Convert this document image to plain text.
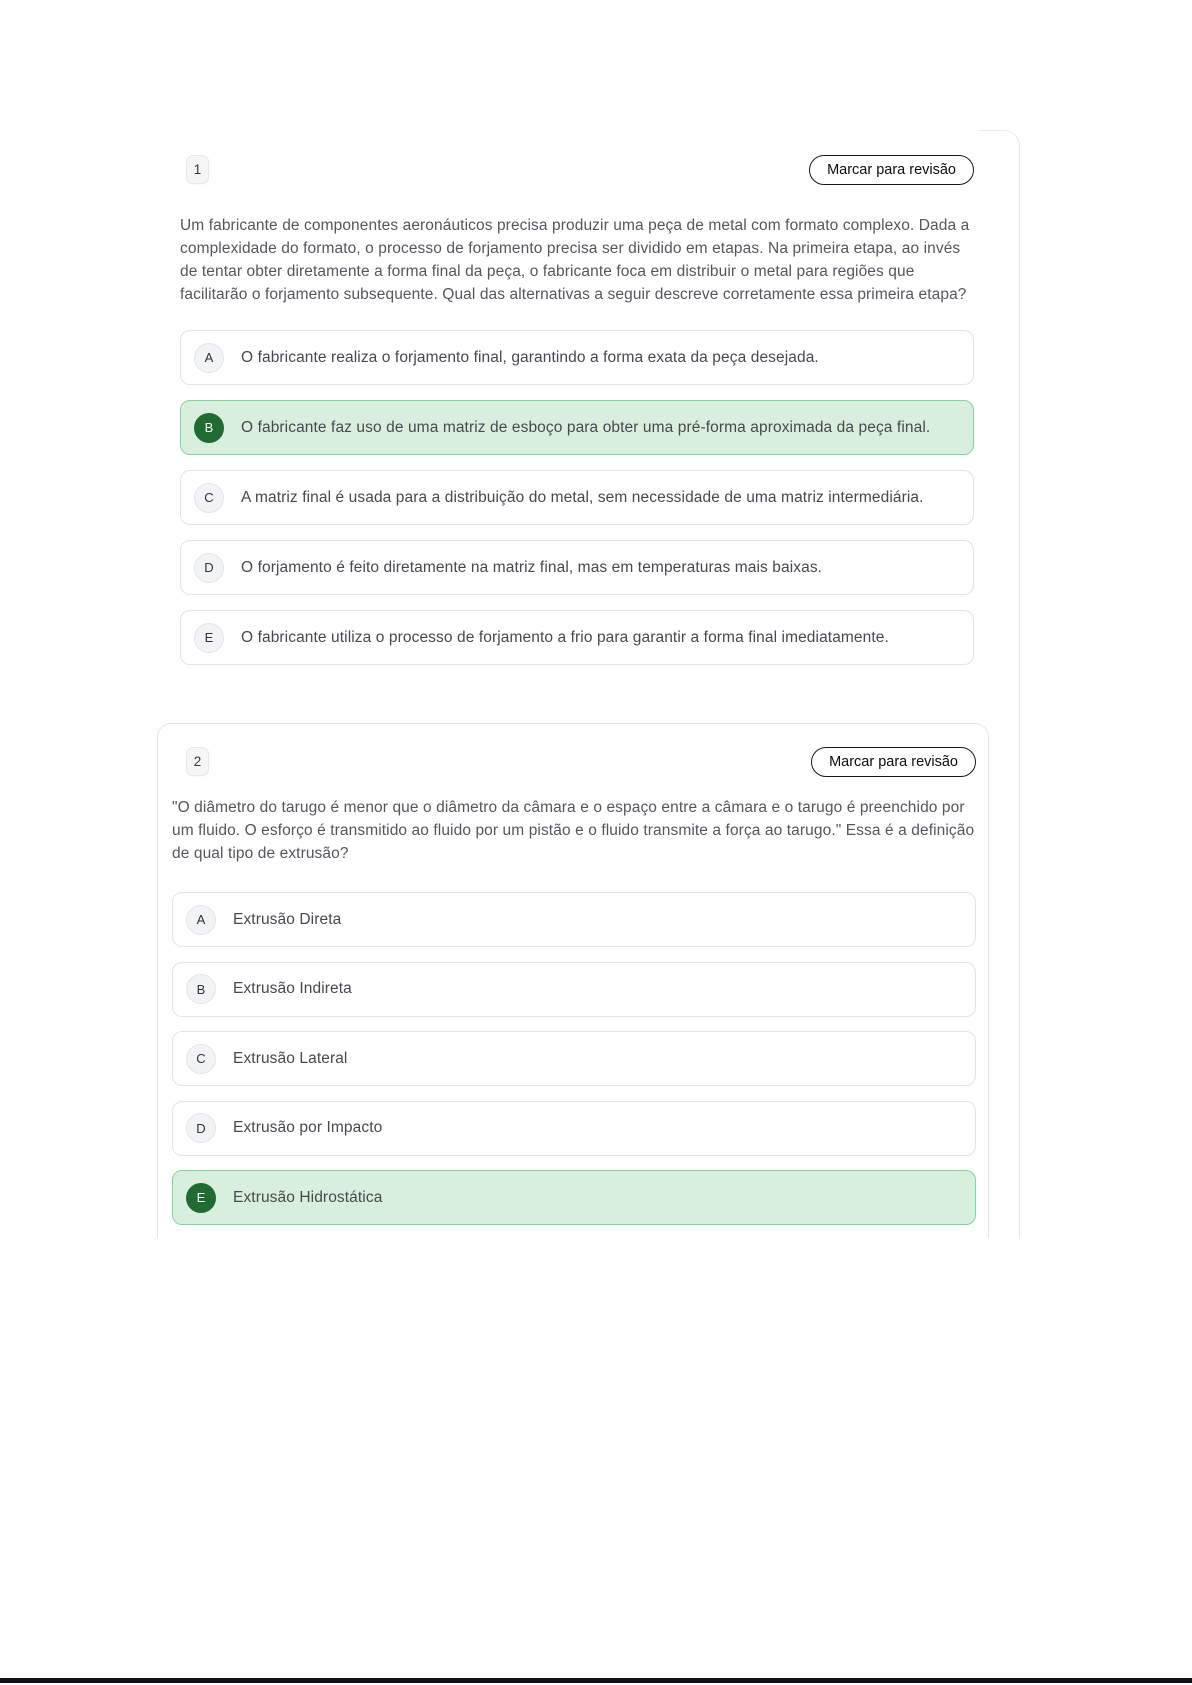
1	Marcar para revisão

Um fabricante de componentes aeronáuticos precisa produzir uma peça de metal com formato complexo. Dada a complexidade do formato, o processo de forjamento precisa ser dividido em etapas. Na primeira etapa, ao invés de tentar obter diretamente a forma final da peça, o fabricante foca em distribuir o metal para regiões que facilitarão o forjamento subsequente. Qual das alternativas a seguir descreve corretamente essa primeira etapa?

A	O fabricante realiza o forjamento final, garantindo a forma exata da peça desejada.
B	O fabricante faz uso de uma matriz de esboço para obter uma pré-forma aproximada da peça final.
C	A matriz final é usada para a distribuição do metal, sem necessidade de uma matriz intermediária.
D	O forjamento é feito diretamente na matriz final, mas em temperaturas mais baixas.
E	O fabricante utiliza o processo de forjamento a frio para garantir a forma final imediatamente.
2	Marcar para revisão

"O diâmetro do tarugo é menor que o diâmetro da câmara e o espaço entre a câmara e o tarugo é preenchido por um fluido. O esforço é transmitido ao fluido por um pistão e o fluido transmite a força ao tarugo." Essa é a definição de qual tipo de extrusão?

A	Extrusão Direta
B	Extrusão Indireta
C	Extrusão Lateral
D	Extrusão por Impacto
E	Extrusão Hidrostática
